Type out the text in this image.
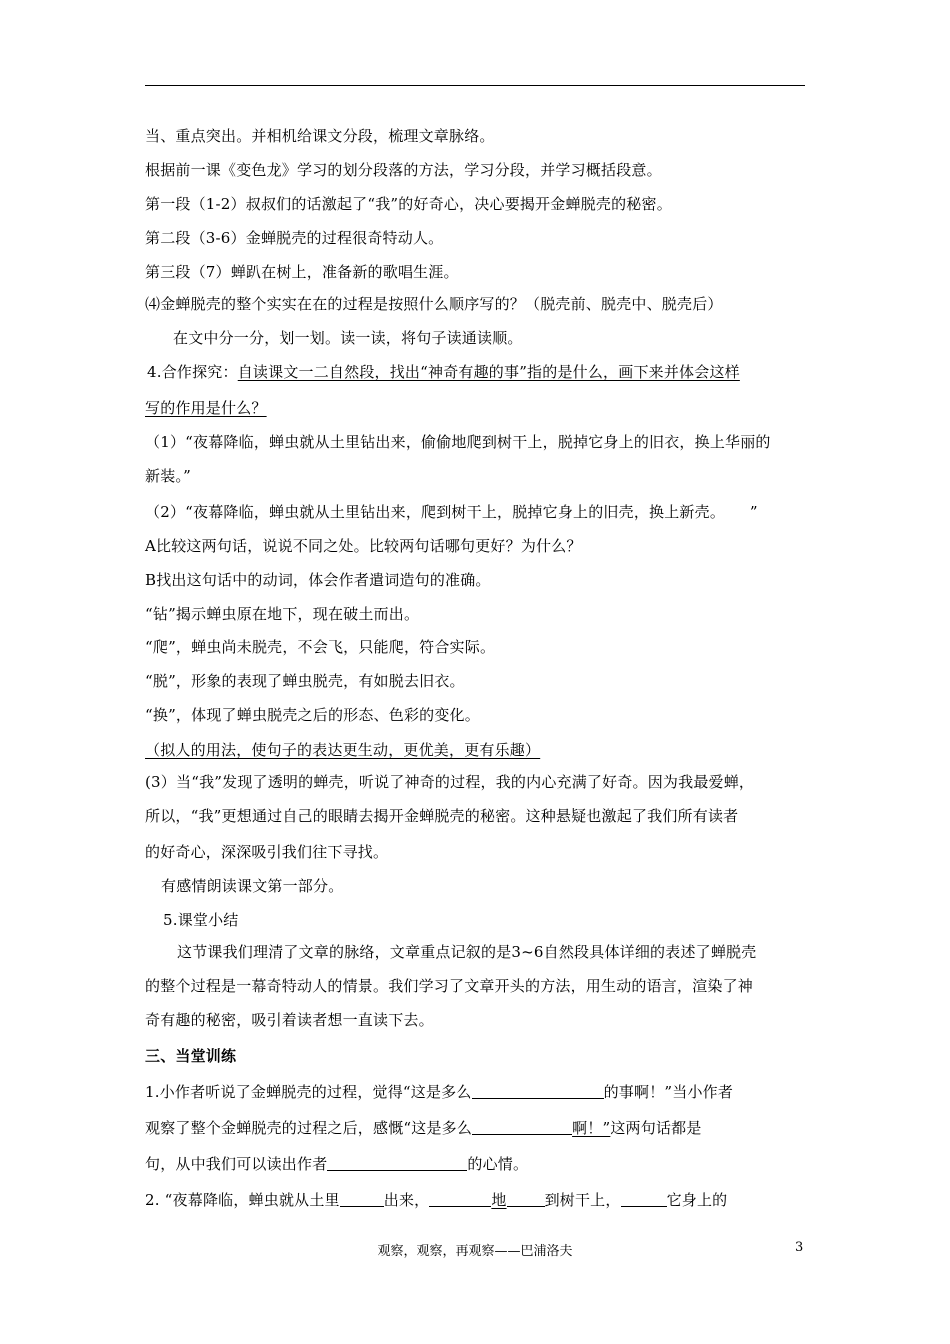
当、重点突出。并相机给课文分段，梳理文章脉络。
根据前一课《变色龙》学习的划分段落的方法，学习分段，并学习概括段意。
第一段（1-2）叔叔们的话激起了“我”的好奇心，决心要揭开金蝉脱壳的秘密。
第二段（3-6）金蝉脱壳的过程很奇特动人。
第三段（7）蝉趴在树上，准备新的歌唱生涯。
⑷金蝉脱壳的整个实实在在的过程是按照什么顺序写的？（脱壳前、脱壳中、脱壳后）
在文中分一分，划一划。读一读，将句子读通读顺。
4.合作探究：自读课文一二自然段，找出“神奇有趣的事”指的是什么，画下来并体会这样
写的作用是什么？
（1）“夜幕降临，蝉虫就从土里钻出来，偷偷地爬到树干上，脱掉它身上的旧衣，换上华丽的
新装。”
（2）“夜幕降临，蝉虫就从土里钻出来，爬到树干上，脱掉它身上的旧壳，换上新壳。     ”
A比较这两句话，说说不同之处。比较两句话哪句更好？为什么？
B找出这句话中的动词，体会作者遣词造句的准确。
“钻”揭示蝉虫原在地下，现在破土而出。
“爬”，蝉虫尚未脱壳，不会飞，只能爬，符合实际。
“脱”，形象的表现了蝉虫脱壳，有如脱去旧衣。
“换”，体现了蝉虫脱壳之后的形态、色彩的变化。
（拟人的用法，使句子的表达更生动，更优美，更有乐趣）
(3）当“我”发现了透明的蝉壳，听说了神奇的过程，我的内心充满了好奇。因为我最爱蝉，
所以，“我”更想通过自己的眼睛去揭开金蝉脱壳的秘密。这种悬疑也激起了我们所有读者
的好奇心，深深吸引我们往下寻找。
有感情朗读课文第一部分。
5.课堂小结
这节课我们理清了文章的脉络，文章重点记叙的是3~6自然段具体详细的表述了蝉脱壳
的整个过程是一幕奇特动人的情景。我们学习了文章开头的方法，用生动的语言，渲染了神
奇有趣的秘密，吸引着读者想一直读下去。
三、当堂训练
1.小作者听说了金蝉脱壳的过程，觉得“这是多么	的事啊！”当小作者
观察了整个金蝉脱壳的过程之后，感慨“这是多么	啊！”这两句话都是
句，从中我们可以读出作者	的心情。
2. “夜幕降临，蝉虫就从土里	出来，	地	到树干上，	它身上的
观察，观察，再观察——巴浦洛夫	3
